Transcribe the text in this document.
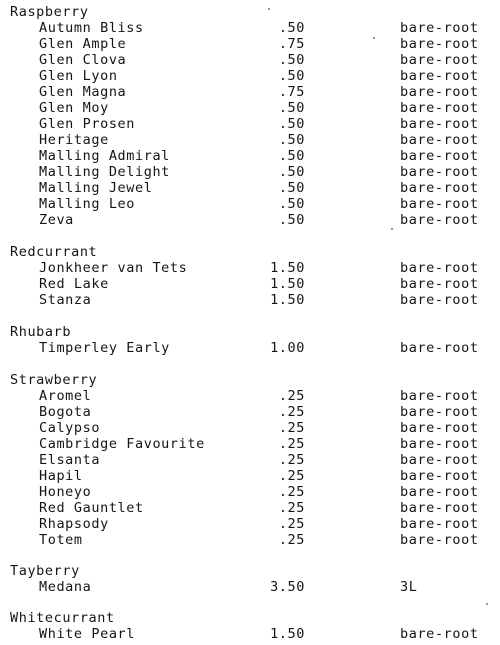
Raspberry
Autumn Bliss	.50	bare-root
Glen Ample	.75	bare-root
Glen Clova	.50	bare-root
Glen Lyon	.50	bare-root
Glen Magna	.75	bare-root
Glen Moy	.50	bare-root
Glen Prosen	.50	bare-root
Heritage	.50	bare-root
Malling Admiral	.50	bare-root
Malling Delight	.50	bare-root
Malling Jewel	.50	bare-root
Malling Leo	.50	bare-root
Zeva	.50	bare-root
Redcurrant
Jonkheer van Tets	1.50	bare-root
Red Lake	1.50	bare-root
Stanza	1.50	bare-root
Rhubarb
Timperley Early	1.00	bare-root
Strawberry
Aromel	.25	bare-root
Bogota	.25	bare-root
Calypso	.25	bare-root
Cambridge Favourite	.25	bare-root
Elsanta	.25	bare-root
Hapil	.25	bare-root
Honeyo	.25	bare-root
Red Gauntlet	.25	bare-root
Rhapsody	.25	bare-root
Totem	.25	bare-root
Tayberry
Medana	3.50	3L
Whitecurrant
White Pearl	1.50	bare-root
